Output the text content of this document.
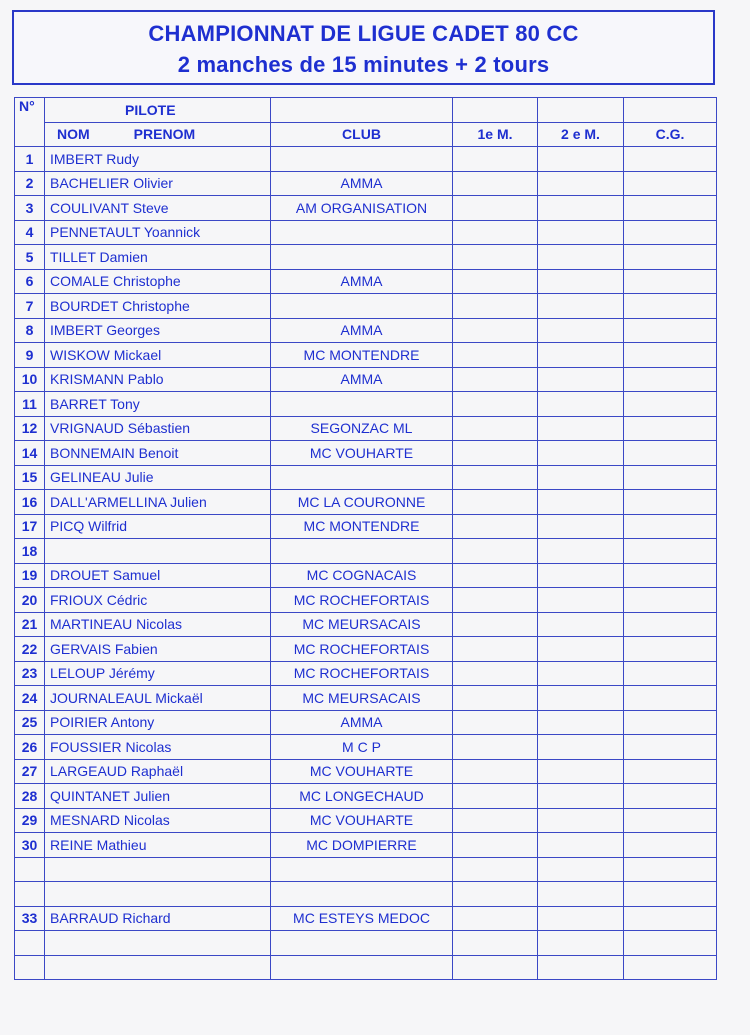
CHAMPIONNAT DE LIGUE CADET 80 CC
2 manches de 15 minutes + 2 tours
N°	PILOTE				

	NOM PRENOM	CLUB	1e M.	2 e M.	C.G.
1	IMBERT Rudy				
2	BACHELIER Olivier	AMMA			
3	COULIVANT Steve	AM ORGANISATION			
4	PENNETAULT Yoannick				
5	TILLET Damien				
6	COMALE Christophe	AMMA			
7	BOURDET Christophe				
8	IMBERT Georges	AMMA			
9	WISKOW Mickael	MC MONTENDRE			
10	KRISMANN Pablo	AMMA			
11	BARRET Tony				
12	VRIGNAUD Sébastien	SEGONZAC ML			
14	BONNEMAIN Benoit	MC VOUHARTE			
15	GELINEAU Julie				
16	DALL'ARMELLINA Julien	MC LA COURONNE			
17	PICQ Wilfrid	MC MONTENDRE			
18					
19	DROUET Samuel	MC COGNACAIS			
20	FRIOUX Cédric	MC ROCHEFORTAIS			
21	MARTINEAU Nicolas	MC MEURSACAIS			
22	GERVAIS Fabien	MC ROCHEFORTAIS			
23	LELOUP Jérémy	MC ROCHEFORTAIS			
24	JOURNALEAUL Mickaël	MC MEURSACAIS			
25	POIRIER Antony	AMMA			
26	FOUSSIER Nicolas	M C P			
27	LARGEAUD Raphaël	MC VOUHARTE			
28	QUINTANET Julien	MC LONGECHAUD			
29	MESNARD Nicolas	MC VOUHARTE			
30	REINE Mathieu	MC DOMPIERRE			

33	BARRAUD Richard	MC ESTEYS MEDOC			
